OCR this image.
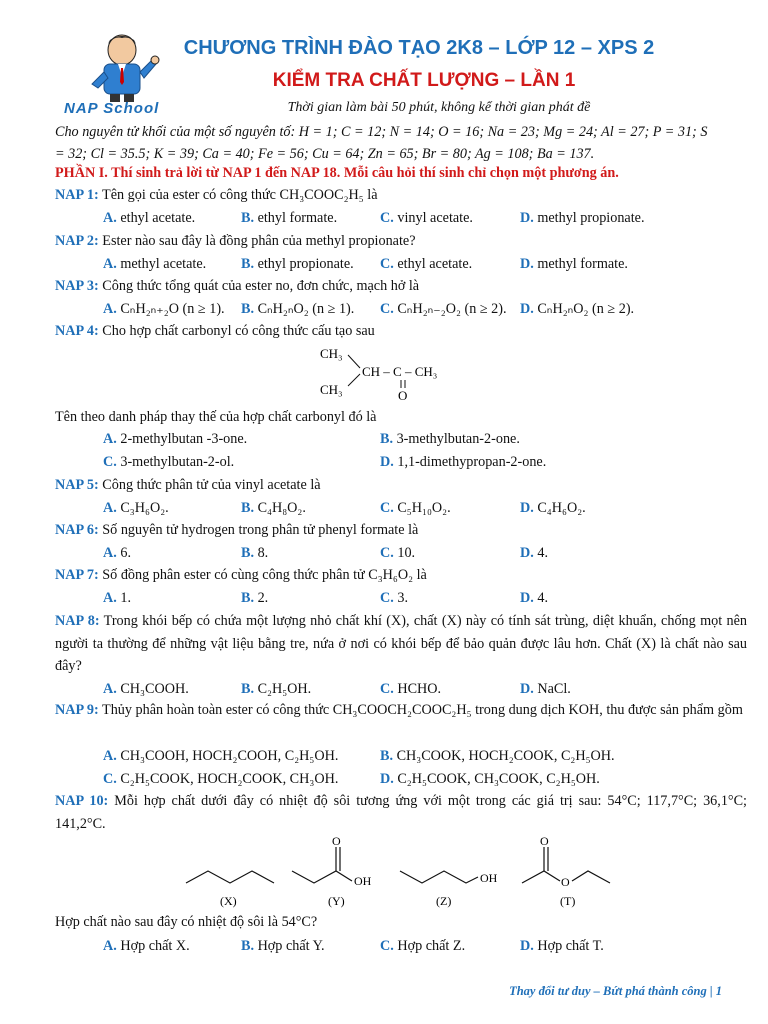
NAP School
CHƯƠNG TRÌNH ĐÀO TẠO 2K8 – LỚP 12 – XPS 2
KIỂM TRA CHẤT LƯỢNG – LẦN 1
Thời gian làm bài 50 phút, không kể thời gian phát đề
Cho nguyên tử khối của một số nguyên tố: H = 1; C = 12; N = 14; O = 16; Na = 23; Mg = 24; Al = 27; P = 31; S
= 32; Cl = 35.5; K = 39; Ca = 40; Fe = 56; Cu = 64; Zn = 65; Br = 80; Ag = 108; Ba = 137.
PHẦN I. Thí sinh trả lời từ NAP 1 đến NAP 18. Mỗi câu hỏi thí sinh chỉ chọn một phương án.
NAP 1: Tên gọi của ester có công thức CH₃COOC₂H₅ là
A. ethyl acetate.	B. ethyl formate.	C. vinyl acetate.	D. methyl propionate.
NAP 2: Ester nào sau đây là đồng phân của methyl propionate?
A. methyl acetate. B. ethyl propionate. C. ethyl acetate.	D. methyl formate.
NAP 3: Công thức tổng quát của ester no, đơn chức, mạch hở là
A. CₙH₂ₙ₊₂O (n ≥ 1). B. CₙH₂ₙO₂ (n ≥ 1). C. CₙH₂ₙ₋₂O₂ (n ≥ 2). D. CₙH₂ₙO₂ (n ≥ 2).
NAP 4: Cho hợp chất carbonyl có công thức cấu tạo sau
CH₃
CH₃
CH – C – CH₃
O
Tên theo danh pháp thay thế của hợp chất carbonyl đó là
A. 2-methylbutan -3-one.	B. 3-methylbutan-2-one.
C. 3-methylbutan-2-ol.	D. 1,1-dimethypropan-2-one.
NAP 5: Công thức phân tử của vinyl acetate là
A. C₃H₆O₂.	B. C₄H₈O₂.	C. C₅H₁₀O₂.	D. C₄H₆O₂.
NAP 6: Số nguyên tử hydrogen trong phân tử phenyl formate là
A. 6.	B. 8.	C. 10.	D. 4.
NAP 7: Số đồng phân ester có cùng công thức phân tử C₃H₆O₂ là
A. 1.	B. 2.	C. 3.	D. 4.
NAP 8: Trong khói bếp có chứa một lượng nhỏ chất khí (X), chất (X) này có tính sát trùng, diệt khuẩn, chống mọt nên người ta thường để những vật liệu bằng tre, nứa ở nơi có khói bếp để bảo quản được lâu hơn. Chất (X) là chất nào sau đây?
A. CH₃COOH.	B. C₂H₅OH.	C. HCHO.	D. NaCl.
NAP 9: Thủy phân hoàn toàn ester có công thức CH₃COOCH₂COOC₂H₅ trong dung dịch KOH, thu được sản phẩm gồm
A. CH₃COOH, HOCH₂COOH, C₂H₅OH.	B. CH₃COOK, HOCH₂COOK, C₂H₅OH.
C. C₂H₅COOK, HOCH₂COOK, CH₃OH.	D. C₂H₅COOK, CH₃COOK, C₂H₅OH.
NAP 10: Mỗi hợp chất dưới đây có nhiệt độ sôi tương ứng với một trong các giá trị sau: 54°C; 117,7°C; 36,1°C; 141,2°C.
O
OH	OH
O
O
(X)	(Y)	(Z)	(T)
Hợp chất nào sau đây có nhiệt độ sôi là 54°C?
A. Hợp chất X.	B. Hợp chất Y.	C. Hợp chất Z.	D. Hợp chất T.
Thay đổi tư duy – Bứt phá thành công | 1
